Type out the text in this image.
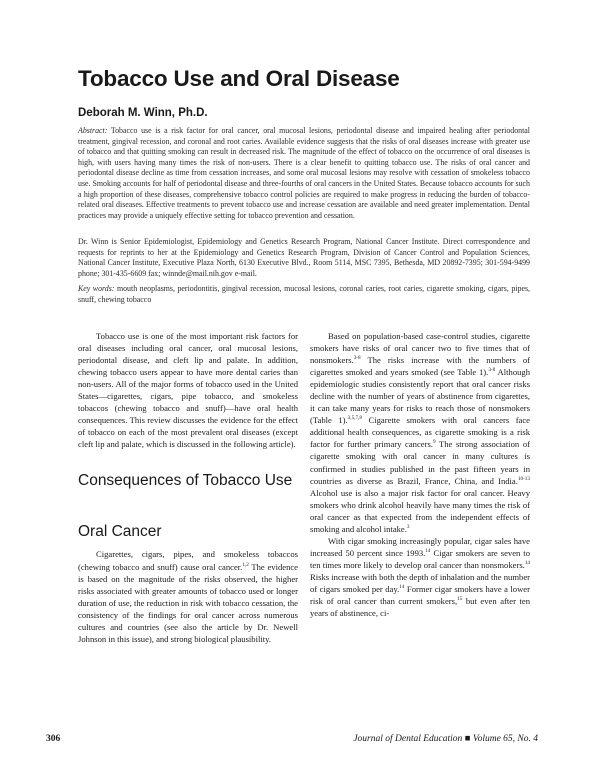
Tobacco Use and Oral Disease
Deborah M. Winn, Ph.D.
Abstract: Tobacco use is a risk factor for oral cancer, oral mucosal lesions, periodontal disease and impaired healing after periodontal treatment, gingival recession, and coronal and root caries. Available evidence suggests that the risks of oral diseases increase with greater use of tobacco and that quitting smoking can result in decreased risk. The magnitude of the effect of tobacco on the occurrence of oral diseases is high, with users having many times the risk of non-users. There is a clear benefit to quitting tobacco use. The risks of oral cancer and periodontal disease decline as time from cessation increases, and some oral mucosal lesions may resolve with cessation of smokeless tobacco use. Smoking accounts for half of periodontal disease and three-fourths of oral cancers in the United States. Because tobacco accounts for such a high proportion of these diseases, comprehensive tobacco control policies are required to make progress in reducing the burden of tobacco-related oral diseases. Effective treatments to prevent tobacco use and increase cessation are available and need greater implementation. Dental practices may provide a uniquely effective setting for tobacco prevention and cessation.
Dr. Winn is Senior Epidemiologist, Epidemiology and Genetics Research Program, National Cancer Institute. Direct correspondence and requests for reprints to her at the Epidemiology and Genetics Research Program, Division of Cancer Control and Population Sciences, National Cancer Institute, Executive Plaza North, 6130 Executive Blvd., Room 5114, MSC 7395, Bethesda, MD 20892-7395; 301-594-9499 phone; 301-435-6609 fax; winnde@mail.nih.gov e-mail.
Key words: mouth neoplasms, periodontitis, gingival recession, mucosal lesions, coronal caries, root caries, cigarette smoking, cigars, pipes, snuff, chewing tobacco

Tobacco use is one of the most important risk factors for oral diseases including oral cancer, oral mucosal lesions, periodontal disease, and cleft lip and palate. In addition, chewing tobacco users appear to have more dental caries than non-users. All of the major forms of tobacco used in the United States—cigarettes, cigars, pipe tobacco, and smokeless tobaccos (chewing tobacco and snuff)—have oral health consequences. This review discusses the evidence for the effect of tobacco on each of the most prevalent oral diseases (except cleft lip and palate, which is discussed in the following article).

Consequences of Tobacco Use
Oral Cancer

Cigarettes, cigars, pipes, and smokeless tobaccos (chewing tobacco and snuff) cause oral cancer.$^{1,2}$ The evidence is based on the magnitude of the risks observed, the higher risks associated with greater amounts of tobacco used or longer duration of use, the reduction in risk with tobacco cessation, the consistency of the findings for oral cancer across numerous cultures and countries (see also the article by Dr. Newell Johnson in this issue), and strong biological plausibility.

Based on population-based case-control studies, cigarette smokers have risks of oral cancer two to five times that of nonsmokers.$^{3-8}$ The risks increase with the numbers of cigarettes smoked and years smoked (see Table 1).$^{3-8}$ Although epidemiologic studies consistently report that oral cancer risks decline with the number of years of abstinence from cigarettes, it can take many years for risks to reach those of nonsmokers (Table 1).$^{3,5,7,8}$ Cigarette smokers with oral cancers face additional health consequences, as cigarette smoking is a risk factor for further primary cancers.$^9$ The strong association of cigarette smoking with oral cancer in many cultures is confirmed in studies published in the past fifteen years in countries as diverse as Brazil, France, China, and India.$^{10-13}$ Alcohol use is also a major risk factor for oral cancer. Heavy smokers who drink alcohol heavily have many times the risk of oral cancer as that expected from the independent effects of smoking and alcohol intake.$^3$

With cigar smoking increasingly popular, cigar sales have increased 50 percent since 1993.14 Cigar smokers are seven to ten times more likely to develop oral cancer than nonsmokers.$^{14}$ Risks increase with both the depth of inhalation and the number of cigars smoked per day.$^{14}$ Former cigar smokers have a lower risk of oral cancer than current smokers,$^{15}$ but even after ten years of abstinence, ci-

306	Journal of Dental Education ■ Volume 65, No. 4
